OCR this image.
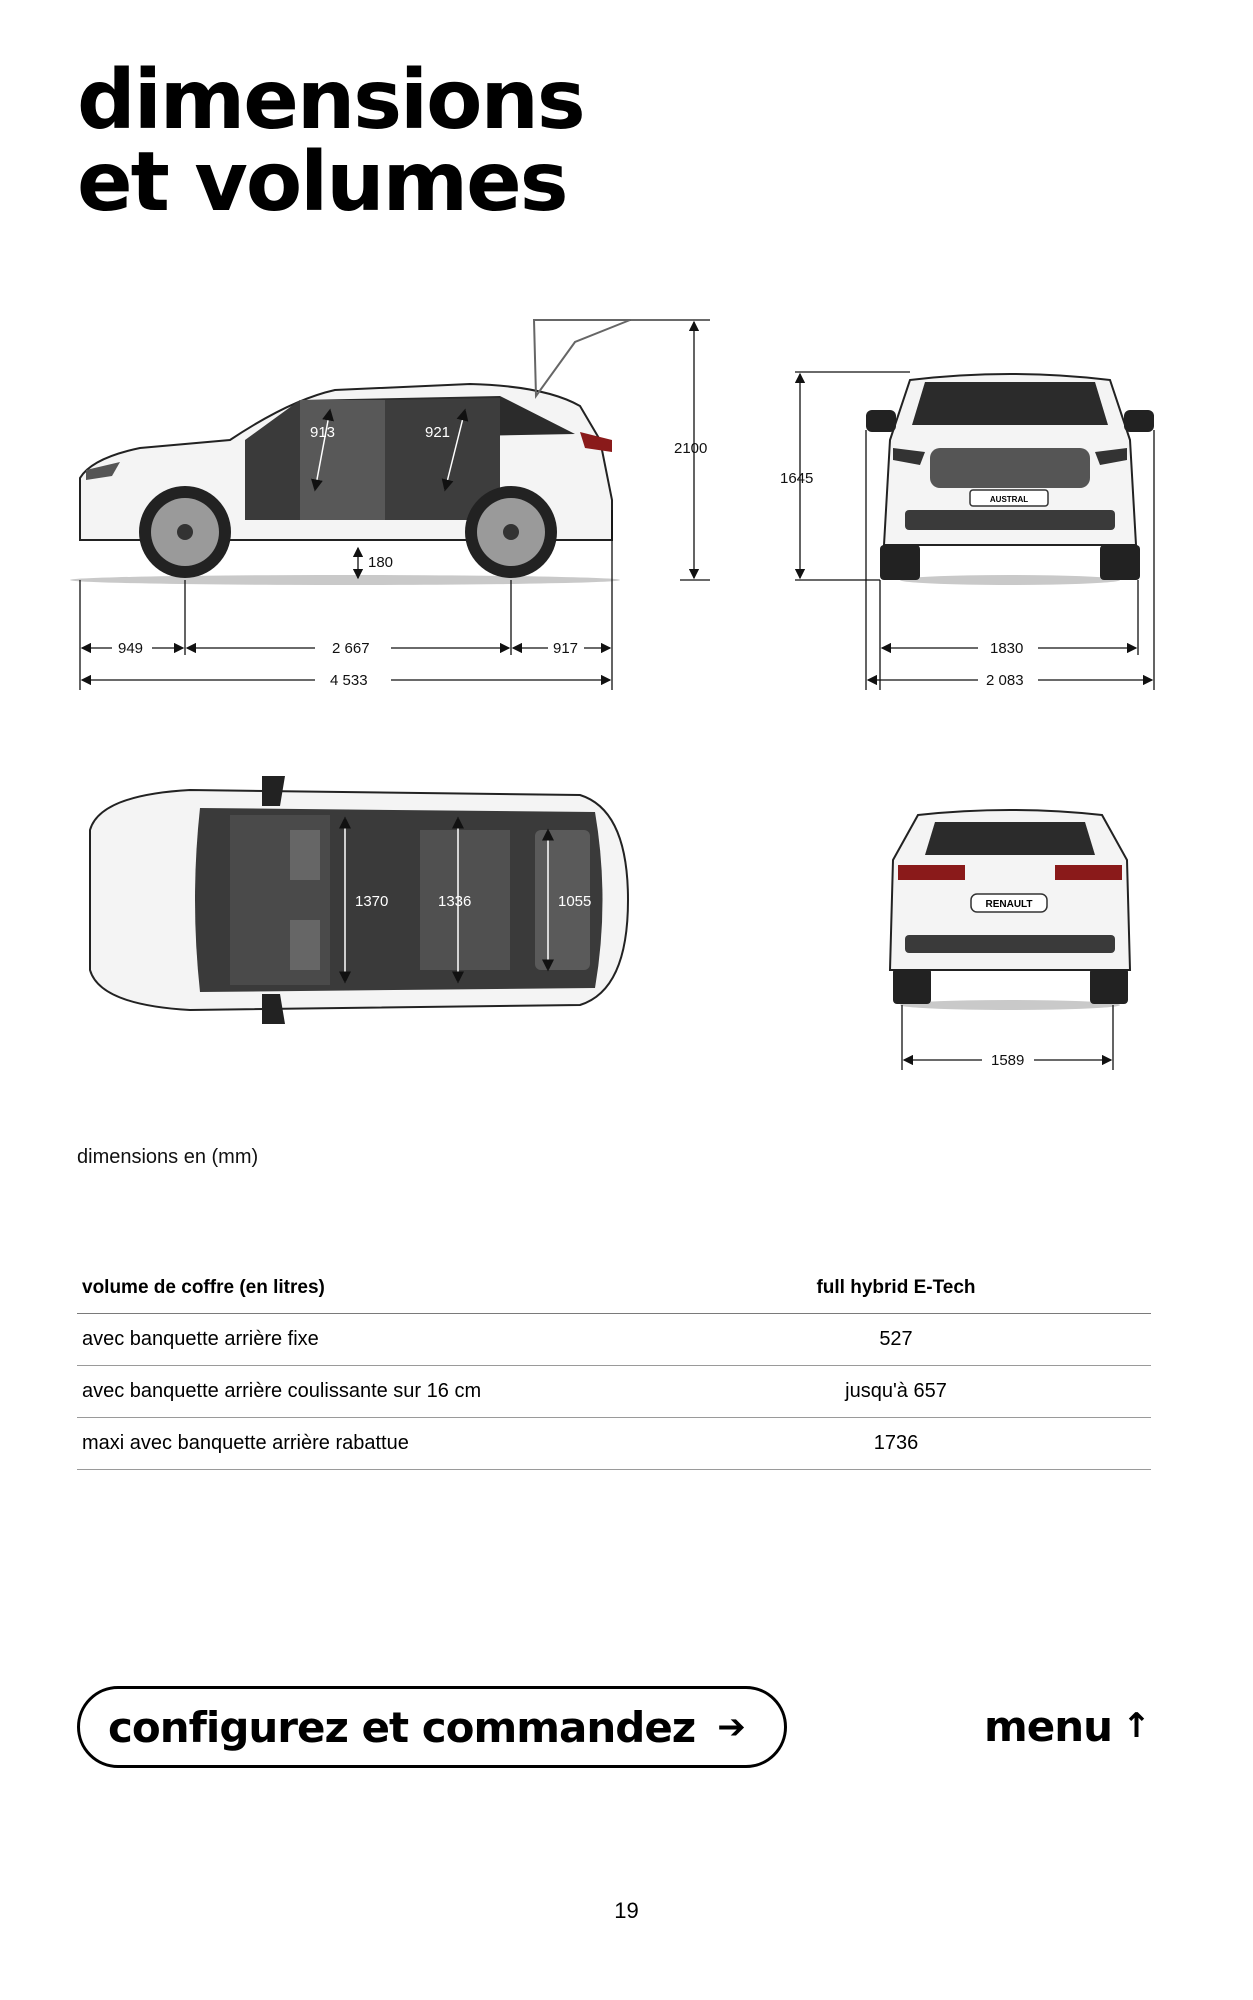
dimensions
et volumes
913	921
180
2100
949	2 667	917
4 533
AUSTRAL
1645
1830
2 083
1370	1336	1055	RENAULT
1589
dimensions en (mm)
volume de coffre (en litres)	full hybrid E-Tech
avec banquette arrière fixe	527
avec banquette arrière coulissante sur 16 cm	jusqu'à 657
maxi avec banquette arrière rabattue	1736
configurez et commandez ➔	menu ↑
19
